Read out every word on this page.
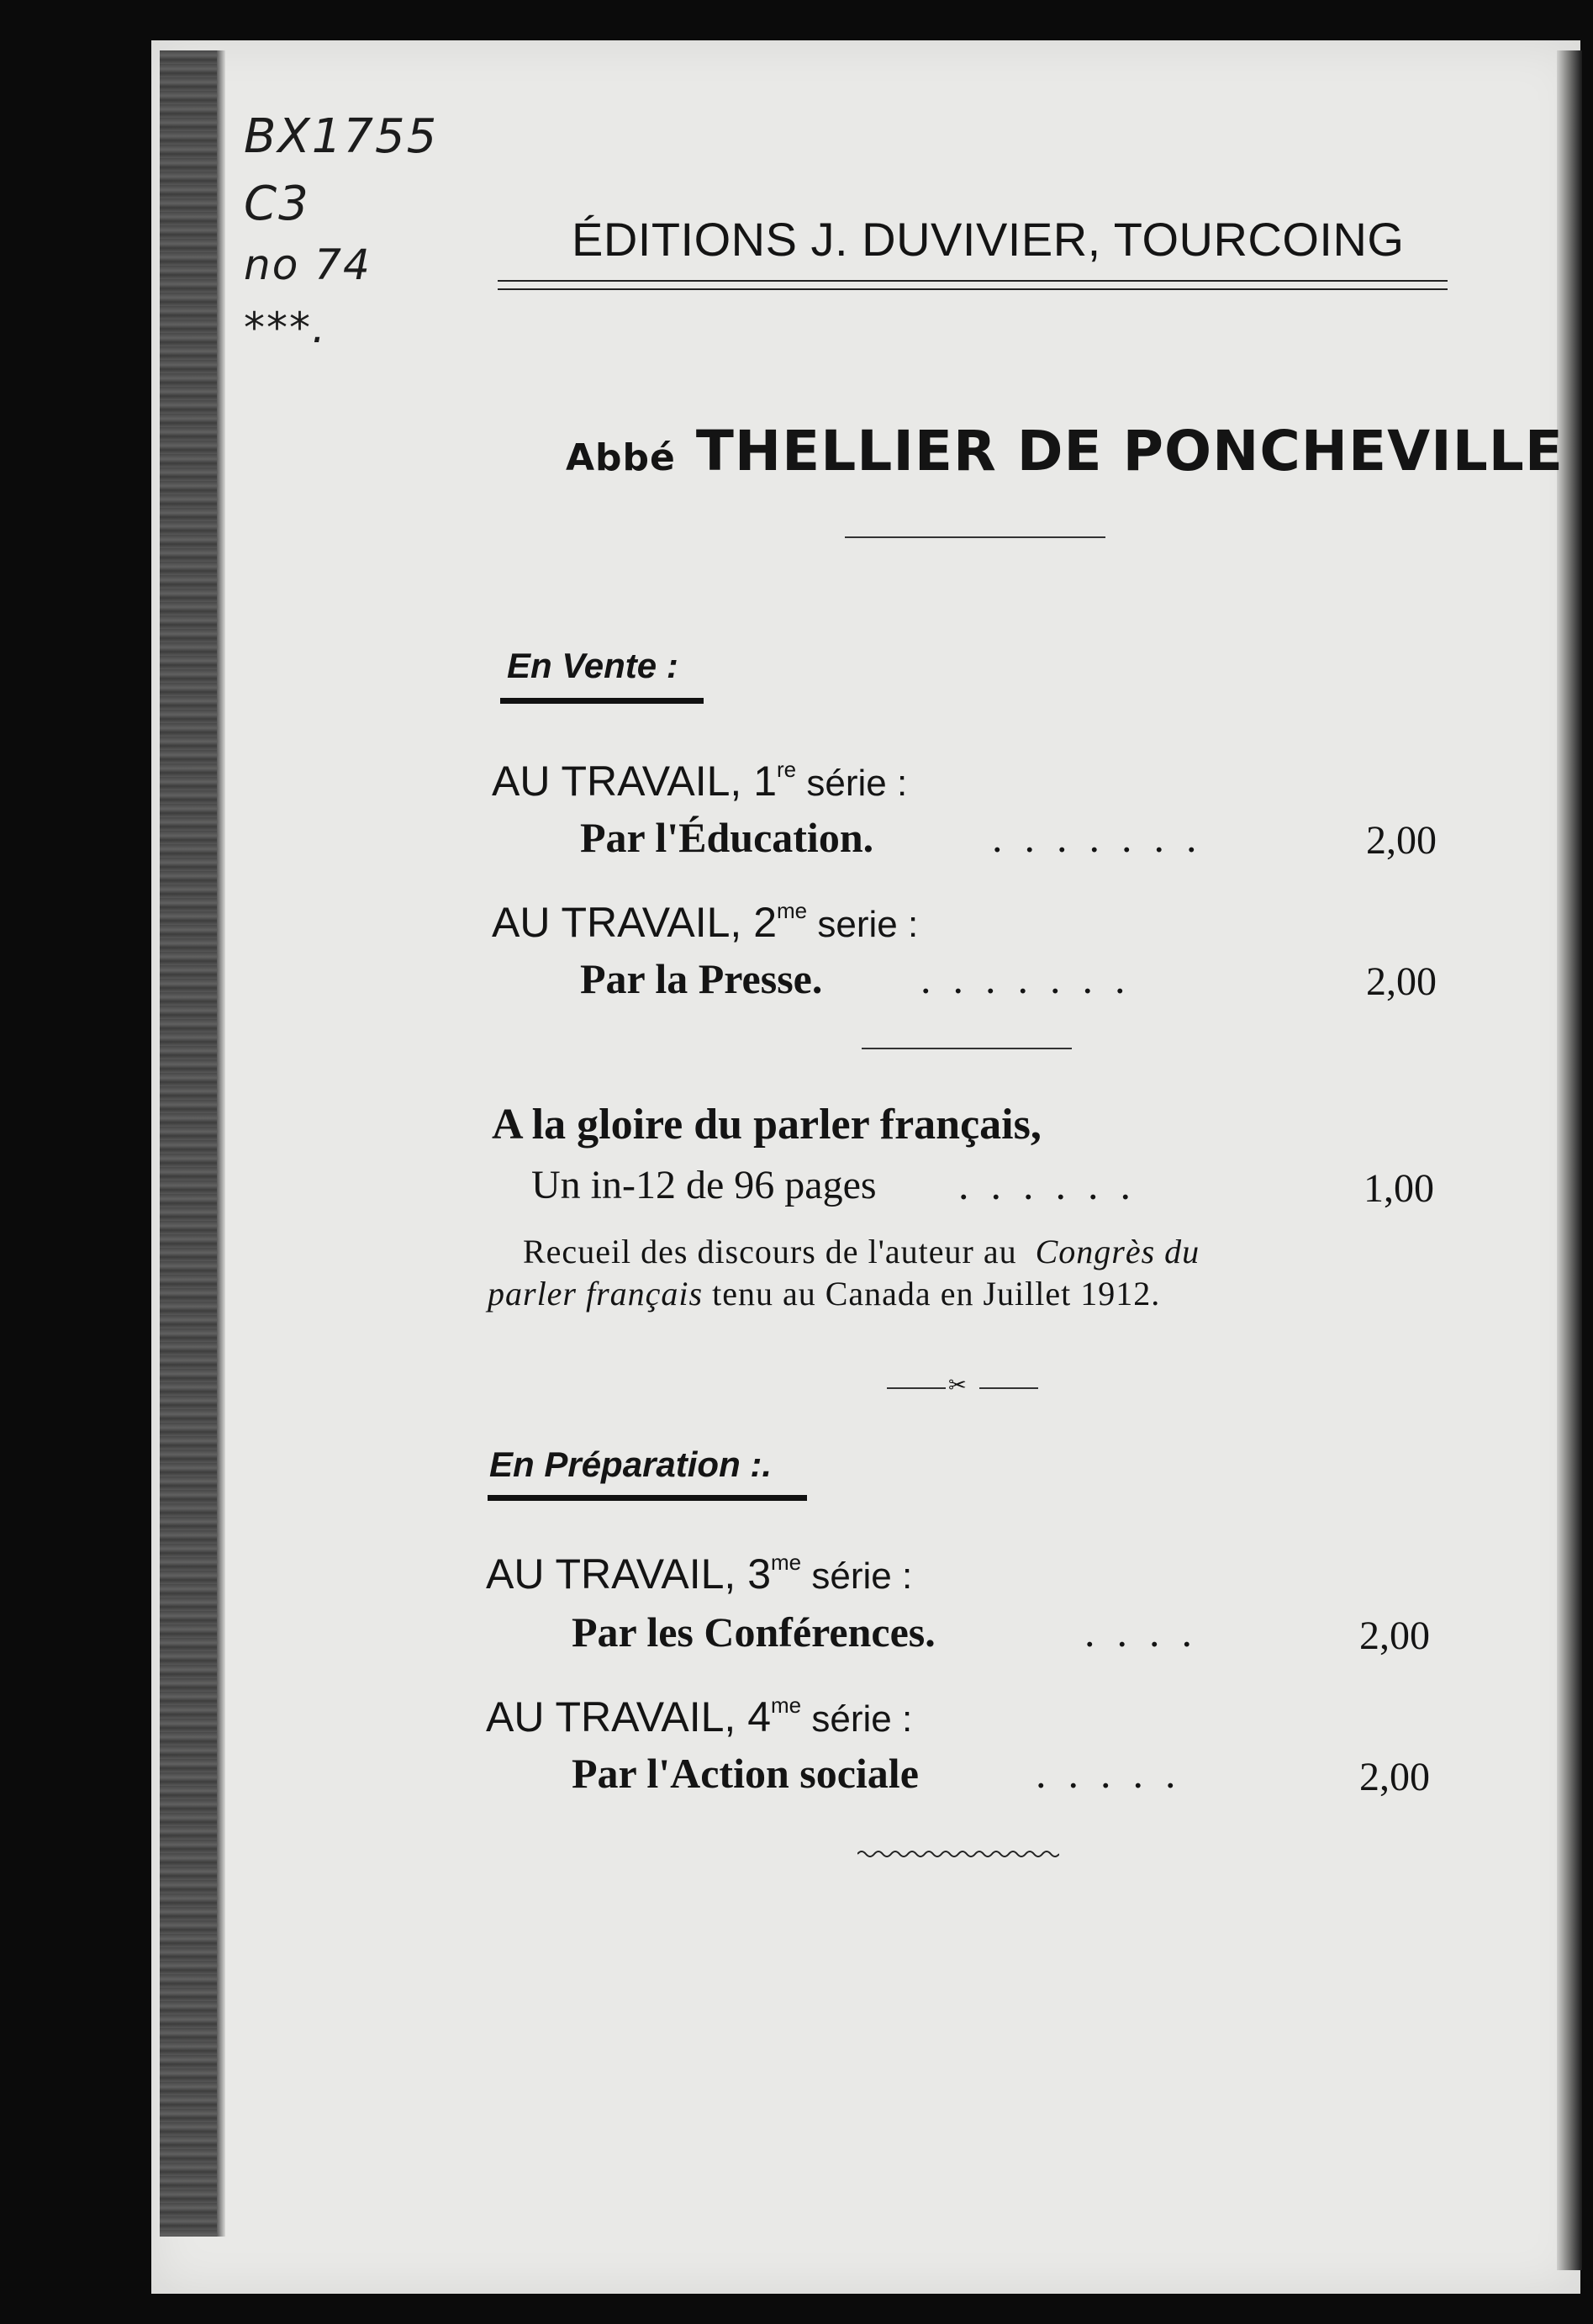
BX1755
C3
no 74
***.
ÉDITIONS J. DUVIVIER, TOURCOING
Abbé THELLIER DE PONCHEVILLE
En Vente :
AU TRAVAIL, 1re série :
Par l'Éducation.	.......	2,00
AU TRAVAIL, $2^{me}$ serie :
Par la Presse. .......	2,00
A la gloire du parler français,
Un in-12 de 96 pages ......	1,00
Recueil des discours de l'auteur au Congrès du
parler français tenu au Canada en Juillet 1912.
✂
En Préparation :.
AU TRAVAIL, $3^{me}$ série :
Par les Conférences.	....	2,00
AU TRAVAIL, $4^{me}$ série :
Par l'Action sociale	.....	2,00
